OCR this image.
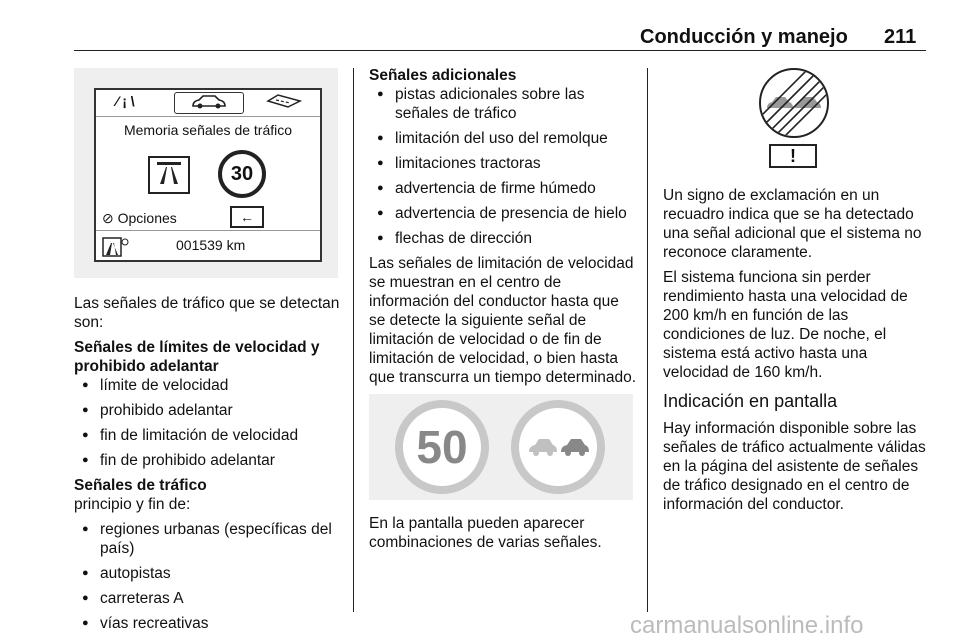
Conducción y manejo 211
⁄ ¡ \
Memoria señales de tráfico
30
⊘ Opciones	←
001539 km

Las señales de tráfico que se detectan son:

Señales de límites de velocidad y prohibido adelantar

● límite de velocidad
● prohibido adelantar
● fin de limitación de velocidad
● fin de prohibido adelantar

Señales de tráfico

principio y fin de:

● regiones urbanas (específicas del país)
● autopistas
● carreteras A
● vías recreativas

Señales adicionales

● pistas adicionales sobre las señales de tráfico
● limitación del uso del remolque
● limitaciones tractoras
● advertencia de firme húmedo
● advertencia de presencia de hielo
● flechas de dirección

Las señales de limitación de velocidad se muestran en el centro de información del conductor hasta que se detecte la siguiente señal de limitación de velocidad o de fin de limitación de velocidad, o bien hasta que transcurra un tiempo determinado.

50
En la pantalla pueden aparecer combinaciones de varias señales.
!

Un signo de exclamación en un recuadro indica que se ha detectado una señal adicional que el sistema no reconoce claramente.

El sistema funciona sin perder rendimiento hasta una velocidad de 200 km/h en función de las condiciones de luz. De noche, el sistema está activo hasta una velocidad de 160 km/h.

Indicación en pantalla

Hay información disponible sobre las señales de tráfico actualmente válidas en la página del asistente de señales de tráfico designado en el centro de información del conductor.

carmanualsonline.info
